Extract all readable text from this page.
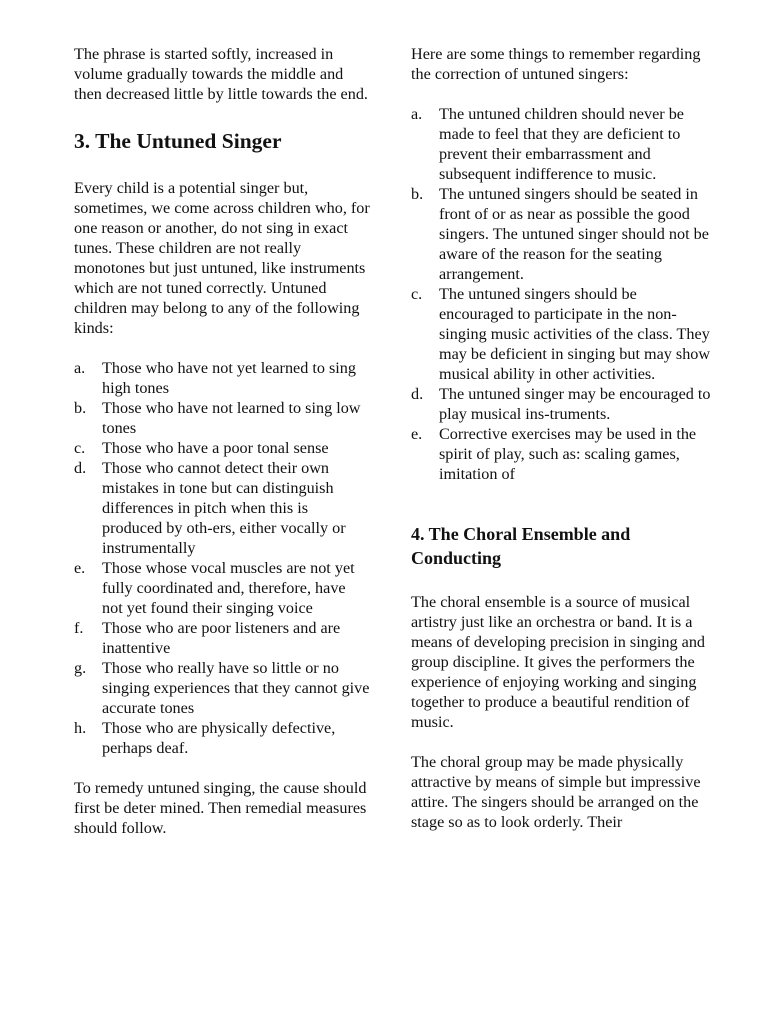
The phrase is started softly, increased in volume gradually towards the middle and then decreased little by little towards the end.

3. The Untuned Singer

Every child is a potential singer but, sometimes, we come across children who, for one reason or another, do not sing in exact tunes. These children are not really monotones but just untuned, like instruments which are not tuned correctly. Untuned children may belong to any of the following kinds:

a. Those who have not yet learned to sing high tones
b. Those who have not learned to sing low tones
c. Those who have a poor tonal sense
d. Those who cannot detect their own mistakes in tone but can distinguish differences in pitch when this is produced by oth-ers, either vocally or instrumentally
e. Those whose vocal muscles are not yet fully coordinated and, therefore, have not yet found their singing voice
f. Those who are poor listeners and are inattentive
g. Those who really have so little or no singing experiences that they cannot give accurate tones
h. Those who are physically defective, perhaps deaf.

To remedy untuned singing, the cause should first be deter mined. Then remedial measures should follow.

Here are some things to remember regarding the correction of untuned singers:

a. The untuned children should never be made to feel that they are deficient to prevent their embarrassment and subsequent indifference to music.
b. The untuned singers should be seated in front of or as near as possible the good singers. The untuned singer should not be aware of the reason for the seating arrangement.
c. The untuned singers should be encouraged to participate in the non-singing music activities of the class. They may be deficient in singing but may show musical ability in other activities.
d. The untuned singer may be encouraged to play musical ins-truments.
e. Corrective exercises may be used in the spirit of play, such as: scaling games, imitation of
4. The Choral Ensemble and Conducting

The choral ensemble is a source of musical artistry just like an orchestra or band. It is a means of developing precision in singing and group discipline. It gives the performers the experience of enjoying working and singing together to produce a beautiful rendition of music.

The choral group may be made physically attractive by means of simple but impressive attire. The singers should be arranged on the stage so as to look orderly. Their
